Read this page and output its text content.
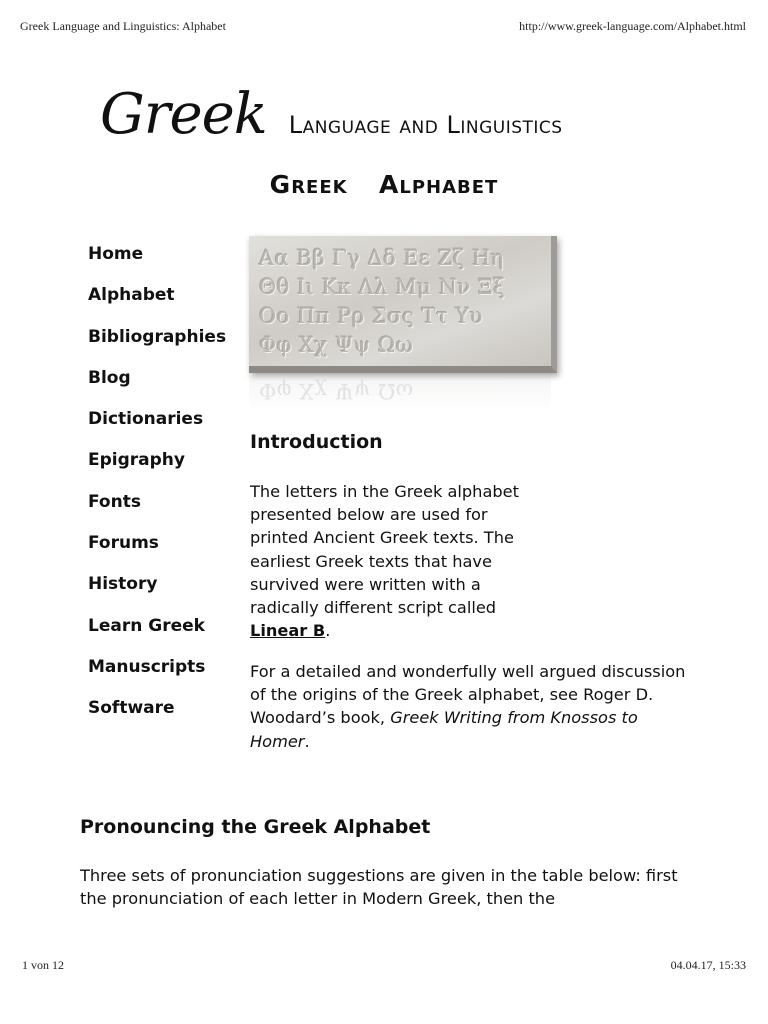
Greek Language and Linguistics: Alphabet	http://www.greek-language.com/Alphabet.html
Greek Language and Linguistics
Greek  Alphabet
Home
Alphabet
Bibliographies
Blog
Dictionaries
Epigraphy
Fonts
Forums
History
Learn Greek
Manuscripts
Software
Αα Ββ Γγ Δδ Εε Ζζ Ηη
Θθ Ιι Κκ Λλ Μμ Νν Ξξ
Οο Ππ Ρρ Σσς Ττ Υυ
Φφ Χχ Ψψ Ωω
Φφ Χχ Ψψ Ωω
Introduction

The letters in the Greek alphabet presented below are used for printed Ancient Greek texts. The earliest Greek texts that have survived were written with a radically different script called Linear B.

For a detailed and wonderfully well argued discussion of the origins of the Greek alphabet, see Roger D. Woodard’s book, Greek Writing from Knossos to Homer.

Pronouncing the Greek Alphabet

Three sets of pronunciation suggestions are given in the table below: first the pronunciation of each letter in Modern Greek, then the

1 von 12	04.04.17, 15:33
